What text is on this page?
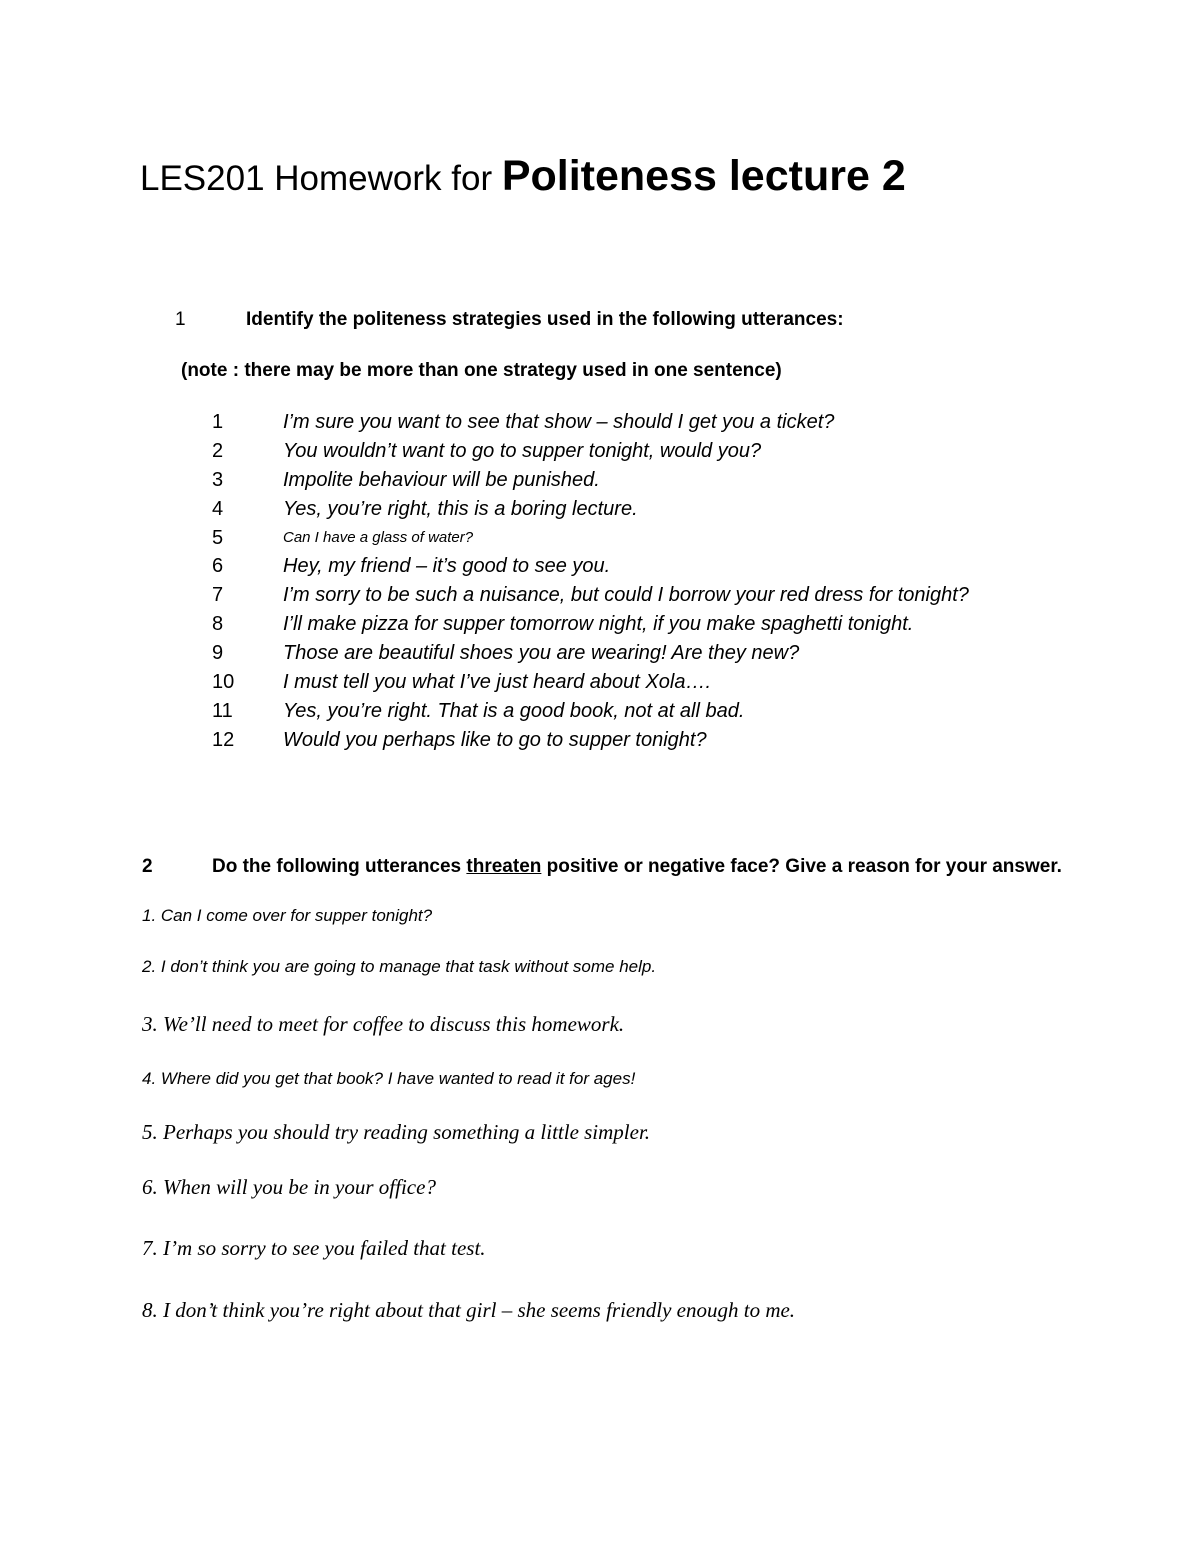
LES201 Homework for Politeness lecture 2
1	Identify the politeness strategies used in the following utterances:
(note : there may be more than one strategy used in one sentence)
1	I’m sure you want to see that show – should I get you a ticket?
2	You wouldn’t want to go to supper tonight, would you?
3	Impolite behaviour will be punished.
4	Yes, you’re right, this is a boring lecture.
5	Can I have a glass of water?
6	Hey, my friend – it’s good to see you.
7	I’m sorry to be such a nuisance, but could I borrow your red dress for tonight?
8	I’ll make pizza for supper tomorrow night, if you make spaghetti tonight.
9	Those are beautiful shoes you are wearing! Are they new?
10	I must tell you what I’ve just heard about Xola….
11	Yes, you’re right. That is a good book, not at all bad.
12	Would you perhaps like to go to supper tonight?
2	Do the following utterances threaten positive or negative face? Give a reason for your answer.
1. Can I come over for supper tonight?
2. I don’t think you are going to manage that task without some help.
3. We’ll need to meet for coffee to discuss this homework.
4. Where did you get that book? I have wanted to read it for ages!
5. Perhaps you should try reading something a little simpler.
6. When will you be in your office?
7. I’m so sorry to see you failed that test.
8. I don’t think you’re right about that girl – she seems friendly enough to me.
